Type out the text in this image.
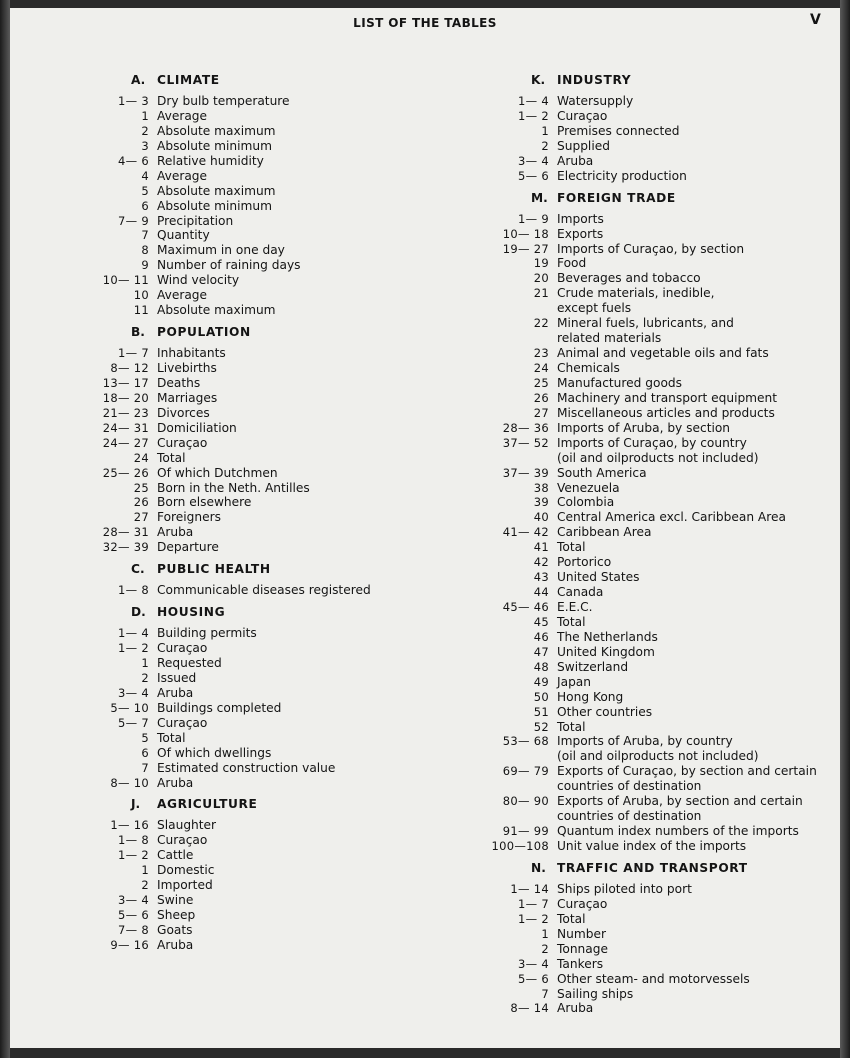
LIST OF THE TABLES	V
A. CLIMATE
1— 3 Dry bulb temperature
1 Average
2 Absolute maximum
3 Absolute minimum
4— 6 Relative humidity
4 Average
5 Absolute maximum
6 Absolute minimum
7— 9 Precipitation
7 Quantity
8 Maximum in one day
9 Number of raining days
10— 11 Wind velocity
10 Average
11 Absolute maximum
B. POPULATION
1— 7 Inhabitants
8— 12 Livebirths
13— 17 Deaths
18— 20 Marriages
21— 23 Divorces
24— 31 Domiciliation
24— 27 Curaçao
24 Total
25— 26 Of which Dutchmen
25 Born in the Neth. Antilles
26 Born elsewhere
27 Foreigners
28— 31 Aruba
32— 39 Departure
C. PUBLIC HEALTH
1— 8 Communicable diseases registered
D. HOUSING
1— 4 Building permits
1— 2 Curaçao
1 Requested
2 Issued
3— 4 Aruba
5— 10 Buildings completed
5— 7 Curaçao
5 Total
6 Of which dwellings
7 Estimated construction value
8— 10 Aruba
J. AGRICULTURE
1— 16 Slaughter
1— 8 Curaçao
1— 2 Cattle
1 Domestic
2 Imported
3— 4 Swine
5— 6 Sheep
7— 8 Goats
9— 16 Aruba
K. INDUSTRY
1— 4 Watersupply
1— 2 Curaçao
1 Premises connected
2 Supplied
3— 4 Aruba
5— 6 Electricity production
M. FOREIGN TRADE
1— 9 Imports
10— 18 Exports
19— 27 Imports of Curaçao, by section
19 Food
20 Beverages and tobacco
21 Crude materials, inedible,
except fuels
22 Mineral fuels, lubricants, and
related materials
23 Animal and vegetable oils and fats
24 Chemicals
25 Manufactured goods
26 Machinery and transport equipment
27 Miscellaneous articles and products
28— 36 Imports of Aruba, by section
37— 52 Imports of Curaçao, by country
(oil and oilproducts not included)
37— 39 South America
38 Venezuela
39 Colombia
40 Central America excl. Caribbean Area
41— 42 Caribbean Area
41 Total
42 Portorico
43 United States
44 Canada
45— 46 E.E.C.
45 Total
46 The Netherlands
47 United Kingdom
48 Switzerland
49 Japan
50 Hong Kong
51 Other countries
52 Total
53— 68 Imports of Aruba, by country
(oil and oilproducts not included)
69— 79 Exports of Curaçao, by section and certain
countries of destination
80— 90 Exports of Aruba, by section and certain
countries of destination
91— 99 Quantum index numbers of the imports
100—108 Unit value index of the imports
N. TRAFFIC AND TRANSPORT
1— 14 Ships piloted into port
1— 7 Curaçao
1— 2 Total
1 Number
2 Tonnage
3— 4 Tankers
5— 6 Other steam- and motorvessels
7 Sailing ships
8— 14 Aruba
